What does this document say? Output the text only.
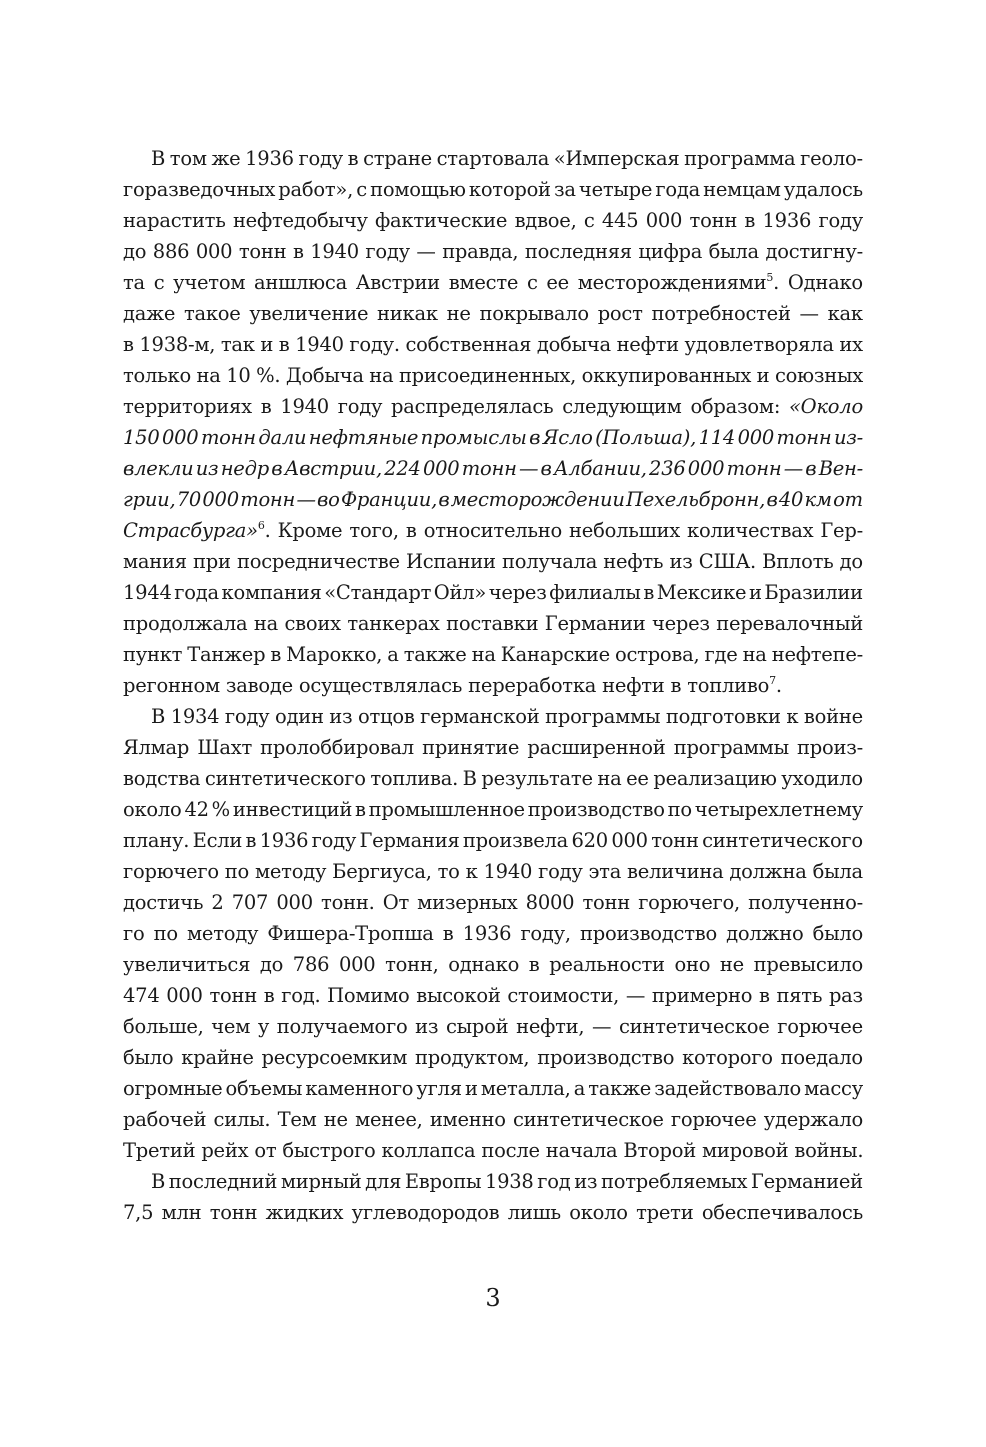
В том же 1936 году в стране стартовала «Имперская программа геоло-
горазведочных работ», с помощью которой за четыре года немцам удалось
нарастить нефтедобычу фактические вдвое, с 445 000 тонн в 1936 году
до 886 000 тонн в 1940 году — правда, последняя цифра была достигну-
та с учетом аншлюса Австрии вместе с ее месторождениями$^5$. Однако
даже такое увеличение никак не покрывало рост потребностей — как
в 1938-м, так и в 1940 году. собственная добыча нефти удовлетворяла их
только на 10 %. Добыча на присоединенных, оккупированных и союзных
территориях в 1940 году распределялась следующим образом: «Около
150 000 тонн дали нефтяные промыслы в Ясло (Польша), 114 000 тонн из-
влекли из недр в Австрии, 224 000 тонн — в Албании, 236 000 тонн — в Вен-
грии, 70 000 тонн — во Франции, в месторождении Пехельбронн, в 40 км от
Страсбурга»$^6$. Кроме того, в относительно небольших количествах Гер-
мания при посредничестве Испании получала нефть из США. Вплоть до
1944 года компания «Стандарт Ойл» через филиалы в Мексике и Бразилии
продолжала на своих танкерах поставки Германии через перевалочный
пункт Танжер в Марокко, а также на Канарские острова, где на нефтепе-
регонном заводе осуществлялась переработка нефти в топливо$^7$.
В 1934 году один из отцов германской программы подготовки к войне
Ялмар Шахт пролоббировал принятие расширенной программы произ-
водства синтетического топлива. В результате на ее реализацию уходило
около 42 % инвестиций в промышленное производство по четырехлетнему
плану. Если в 1936 году Германия произвела 620 000 тонн синтетического
горючего по методу Бергиуса, то к 1940 году эта величина должна была
достичь 2 707 000 тонн. От мизерных 8000 тонн горючего, полученно-
го по методу Фишера-Тропша в 1936 году, производство должно было
увеличиться до 786 000 тонн, однако в реальности оно не превысило
474 000 тонн в год. Помимо высокой стоимости, — примерно в пять раз
больше, чем у получаемого из сырой нефти, — синтетическое горючее
было крайне ресурсоемким продуктом, производство которого поедало
огромные объемы каменного угля и металла, а также задействовало массу
рабочей силы. Тем не менее, именно синтетическое горючее удержало
Третий рейх от быстрого коллапса после начала Второй мировой войны.
В последний мирный для Европы 1938 год из потребляемых Германией
7,5 млн тонн жидких углеводородов лишь около трети обеспечивалось
3
